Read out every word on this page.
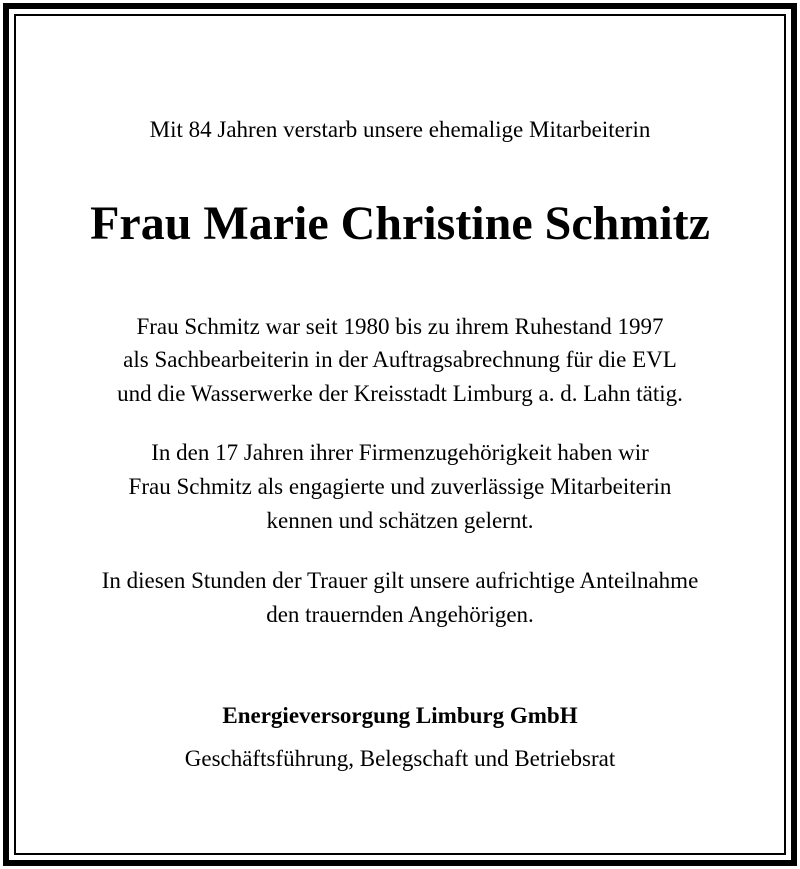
Mit 84 Jahren verstarb unsere ehemalige Mitarbeiterin
Frau Marie Christine Schmitz
Frau Schmitz war seit 1980 bis zu ihrem Ruhestand 1997
als Sachbearbeiterin in der Auftragsabrechnung für die EVL
und die Wasserwerke der Kreisstadt Limburg a. d. Lahn tätig.
In den 17 Jahren ihrer Firmenzugehörigkeit haben wir
Frau Schmitz als engagierte und zuverlässige Mitarbeiterin
kennen und schätzen gelernt.
In diesen Stunden der Trauer gilt unsere aufrichtige Anteilnahme
den trauernden Angehörigen.
Energieversorgung Limburg GmbH
Geschäftsführung, Belegschaft und Betriebsrat
